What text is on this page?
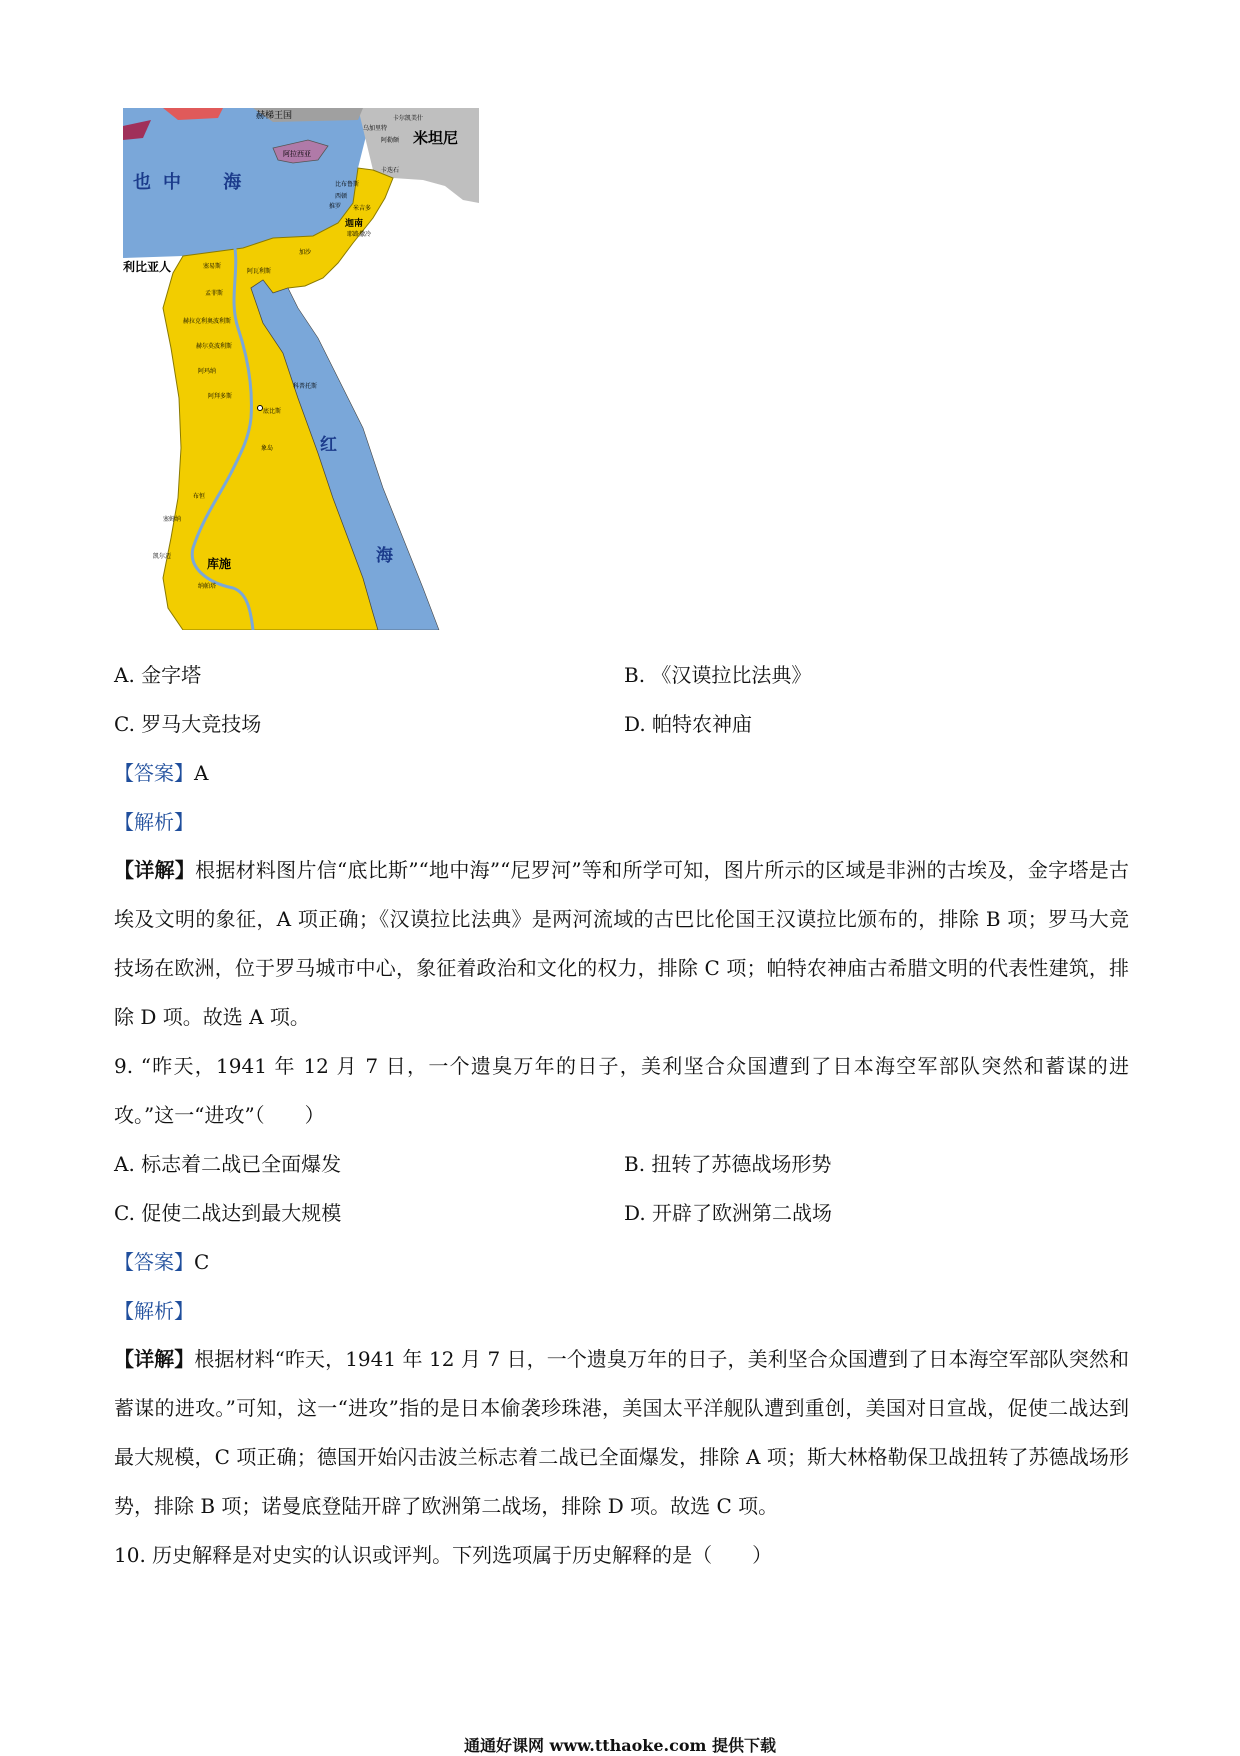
也 中 海
红
海
利比亚人
米坦尼
库施
赫梯王国
阿拉西亚
卡尔凯美什
阿勒颇
乌加里特
卡迭石
比布鲁斯
西顿
推罗 米吉多
迦南
耶路撒冷
加沙
塞易斯
阿瓦利斯
孟菲斯
赫拉克利奥波利斯
赫尔莫波利斯
阿玛纳
阿拜多斯
底比斯
科普托斯
象岛
布恒
塞姆纳
凯尔迈
纳帕塔
A. 金字塔	B. 《汉谟拉比法典》
C. 罗马大竞技场	D. 帕特农神庙
【答案】A
【解析】
【详解】根据材料图片信“底比斯”“地中海”“尼罗河”等和所学可知，图片所示的区域是非洲的古埃及，金字塔是古埃及文明的象征，A 项正确；《汉谟拉比法典》是两河流域的古巴比伦国王汉谟拉比颁布的，排除 B 项；罗马大竞技场在欧洲，位于罗马城市中心，象征着政治和文化的权力，排除 C 项；帕特农神庙古希腊文明的代表性建筑，排除 D 项。故选 A 项。
9. “昨天，1941 年 12 月 7 日，一个遗臭万年的日子，美利坚合众国遭到了日本海空军部队突然和蓄谋的进攻。”这一“进攻”（　　）
A. 标志着二战已全面爆发	B. 扭转了苏德战场形势
C. 促使二战达到最大规模	D. 开辟了欧洲第二战场
【答案】C
【解析】
【详解】根据材料“昨天，1941 年 12 月 7 日，一个遗臭万年的日子，美利坚合众国遭到了日本海空军部队突然和蓄谋的进攻。”可知，这一“进攻”指的是日本偷袭珍珠港，美国太平洋舰队遭到重创，美国对日宣战，促使二战达到最大规模，C 项正确；德国开始闪击波兰标志着二战已全面爆发，排除 A 项；斯大林格勒保卫战扭转了苏德战场形势，排除 B 项；诺曼底登陆开辟了欧洲第二战场，排除 D 项。故选 C 项。
10. 历史解释是对史实的认识或评判。下列选项属于历史解释的是（　　）
通通好课网 www.tthaoke.com 提供下载
